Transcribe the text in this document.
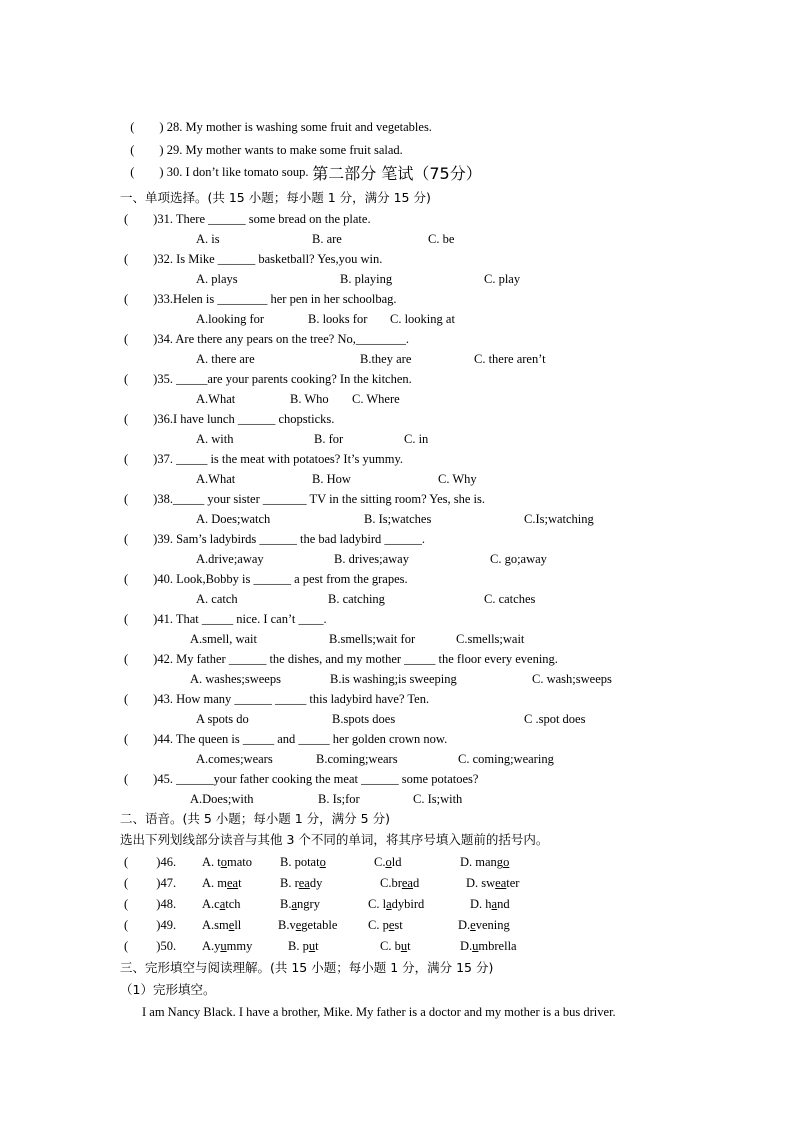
(　　) 28. My mother is washing some fruit and vegetables.

(　　) 29. My mother wants to make some fruit salad.

(　　) 30. I don’t like tomato soup. 第二部分 笔试（75分）
一、单项选择。(共 15 小题；每小题 1 分，满分 15 分)
(　　)31. There ______ some bread on the plate.
A. is	B. are	C. be
(　　)32. Is Mike ______ basketball? Yes,you win.
A. plays	B. playing	C. play
(　　)33.Helen is ________ her pen in her schoolbag.
A.looking for	B. looks for C. looking at
(　　)34. Are there any pears on the tree? No,________.
A. there are	B.they are	C. there aren’t
(　　)35. _____are your parents cooking? In the kitchen.
A.What	B. Who C. Where
(　　)36.I have lunch ______ chopsticks.
A. with	B. for	C. in
(　　)37. _____ is the meat with potatoes? It’s yummy.
A.What	B. How	C. Why
(　　)38._____ your sister _______ TV in the sitting room? Yes, she is.
A. Does;watch	B. Is;watches	C.Is;watching
(　　)39. Sam’s ladybirds ______ the bad ladybird ______.
A.drive;away	B. drives;away	C. go;away
(　　)40. Look,Bobby is ______ a pest from the grapes.
A. catch	B. catching	C. catches
(　　)41. That _____ nice. I can’t ____.
A.smell, wait	B.smells;wait for	C.smells;wait
(　　)42. My father ______ the dishes, and my mother _____ the floor every evening.
A. washes;sweeps	B.is washing;is sweeping	C. wash;sweeps
(　　)43. How many ______ _____ this ladybird have? Ten.
A spots do	B.spots does	C .spot does
(　　)44. The queen is _____ and _____ her golden crown now.
A.comes;wears	B.coming;wears	C. coming;wearing
(　　)45. ______your father cooking the meat ______ some potatoes?
A.Does;with	B. Is;for	C. Is;with
二、语音。(共 5 小题；每小题 1 分，满分 5 分)
选出下列划线部分读音与其他 3 个不同的单词，将其序号填入题前的括号内。
(　　 )46. A. tomato B. potato	C.old	D. mango
(　　 )47. A. meat	B. ready	C.bread	D. sweater
(　　 )48. A.catch	B.angry	C. ladybird	D. hand
(　　 )49. A.smell	B.vegetable C. pest	D.evening
(　　 )50. A.yummy	B. put	C. but	D.umbrella
三、完形填空与阅读理解。(共 15 小题；每小题 1 分，满分 15 分)
（1）完形填空。
I am Nancy Black. I have a brother, Mike. My father is a doctor and my mother is a bus driver.
